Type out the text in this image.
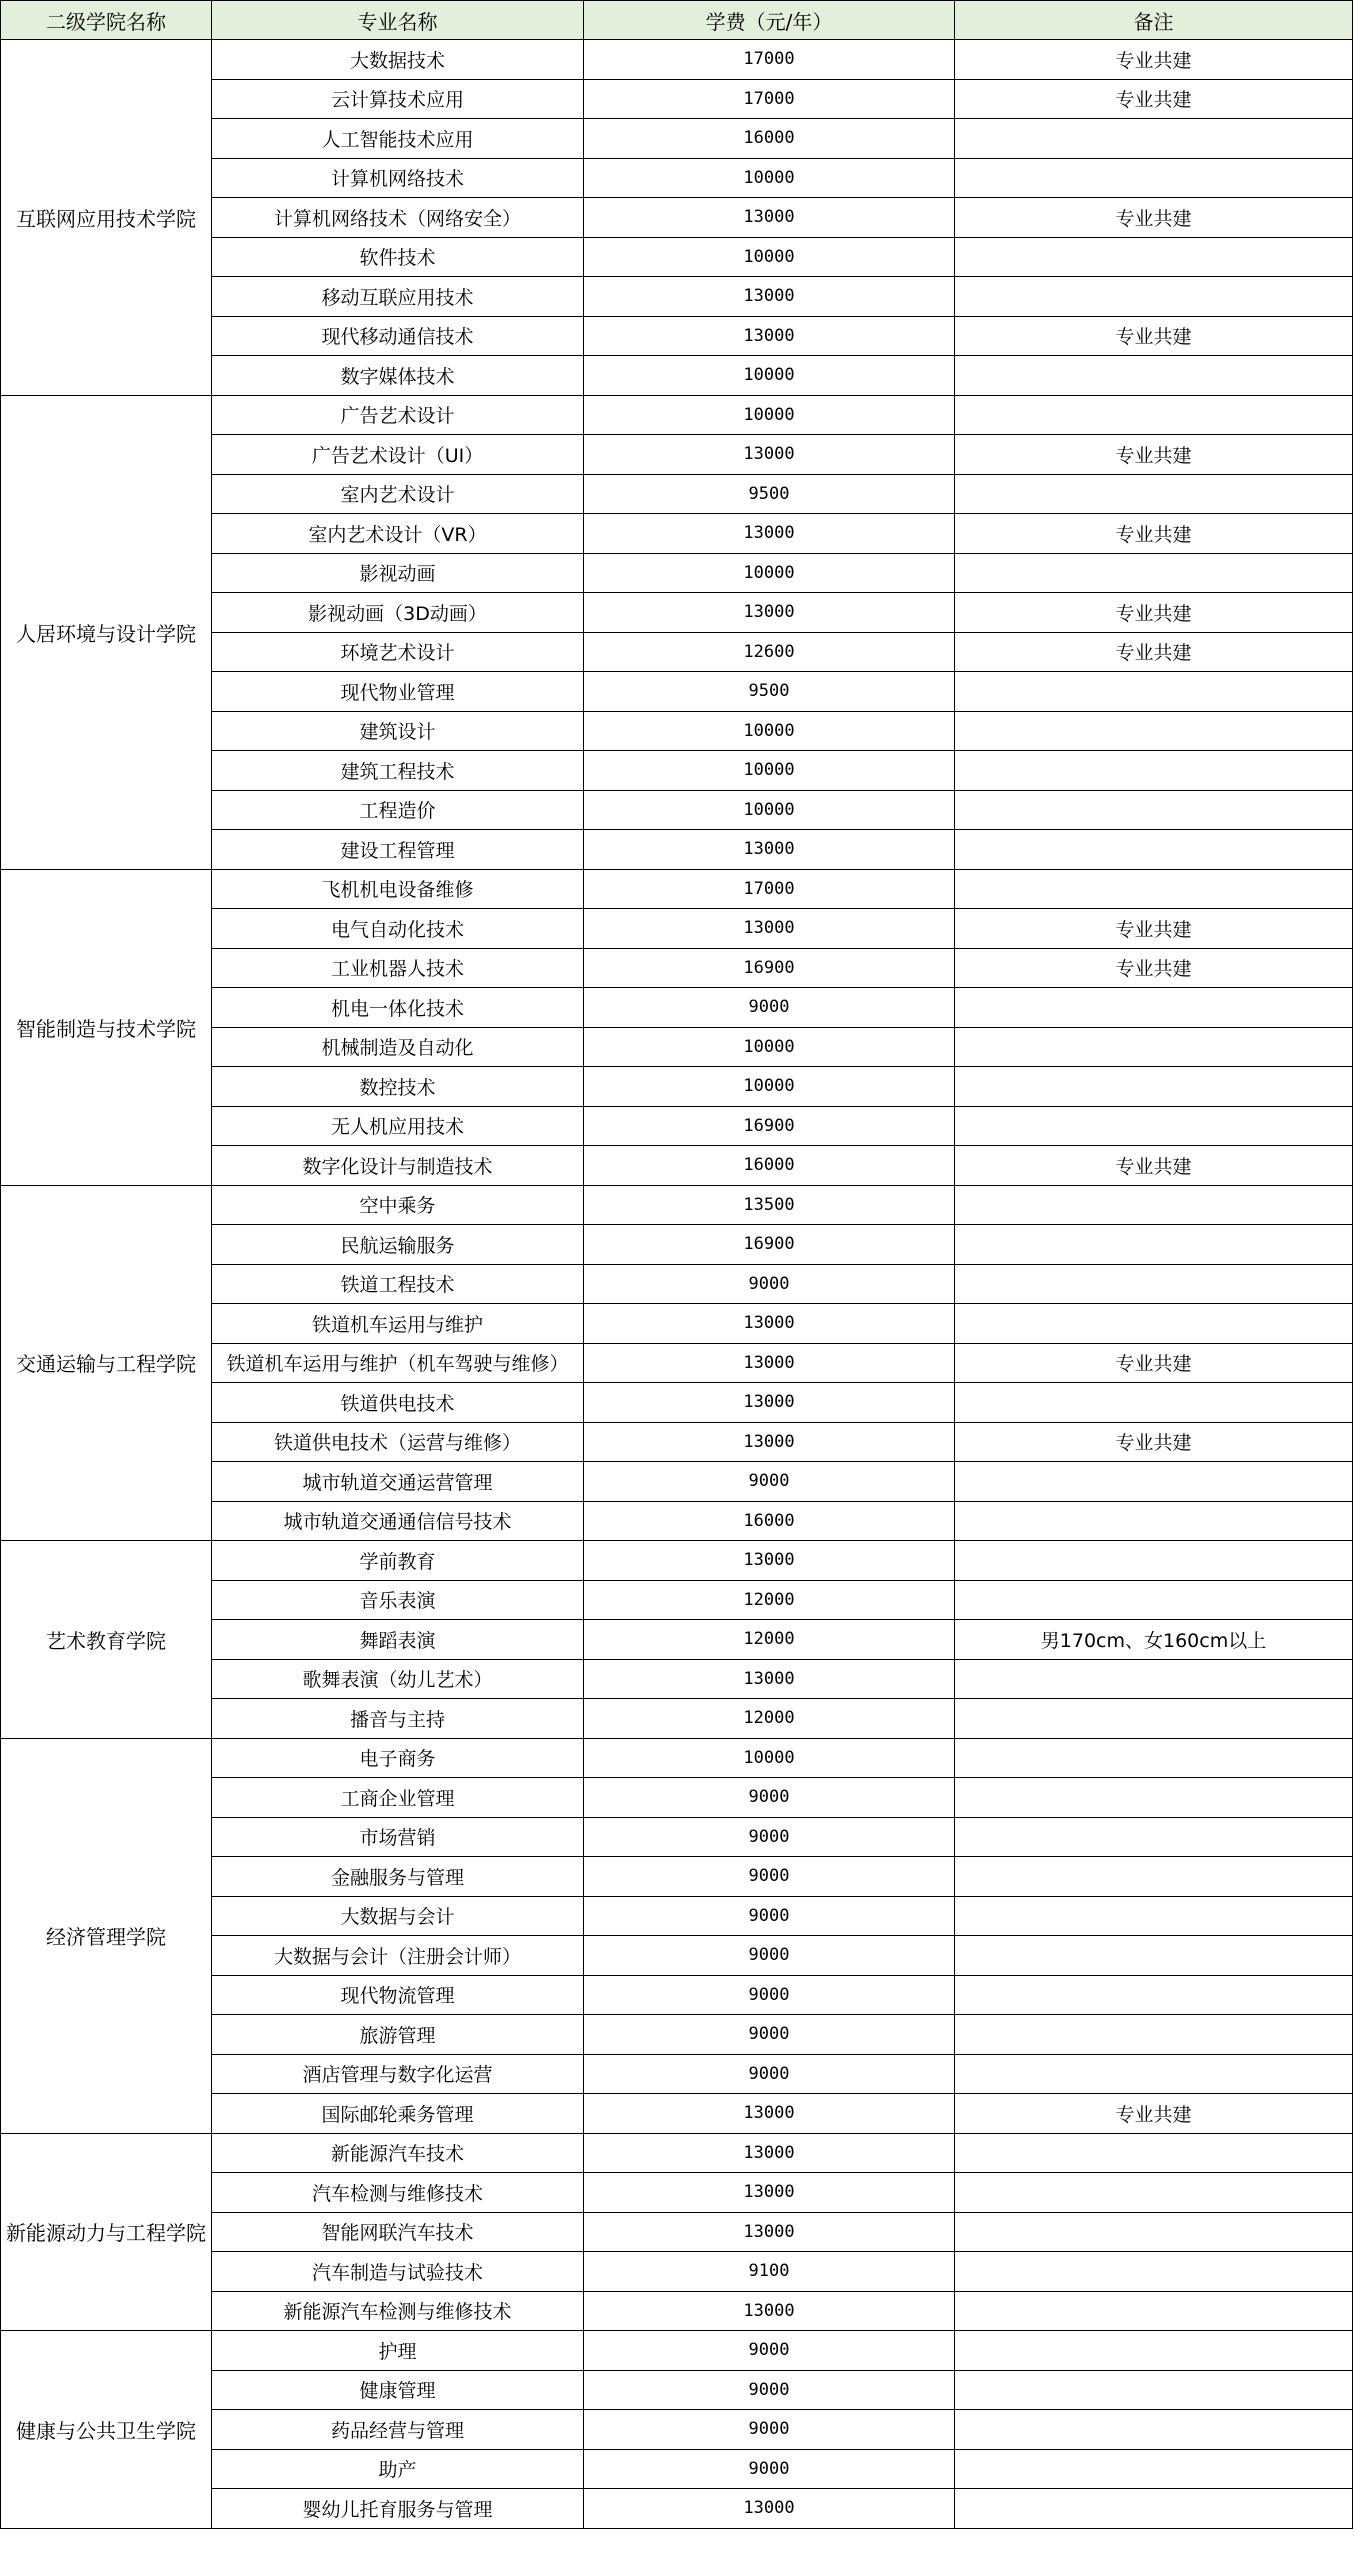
二级学院名称	专业名称	学费（元/年）	备注
互联网应用技术学院	大数据技术	17000	专业共建
	云计算技术应用	17000	专业共建
	人工智能技术应用	16000	
	计算机网络技术	10000	
	计算机网络技术（网络安全）	13000	专业共建
	软件技术	10000	
	移动互联应用技术	13000	
	现代移动通信技术	13000	专业共建
	数字媒体技术	10000	
人居环境与设计学院	广告艺术设计	10000	
	广告艺术设计（UI）	13000	专业共建
	室内艺术设计	9500	
	室内艺术设计（VR）	13000	专业共建
	影视动画	10000	
	影视动画（3D动画）	13000	专业共建
	环境艺术设计	12600	专业共建
	现代物业管理	9500	
	建筑设计	10000	
	建筑工程技术	10000	
	工程造价	10000	
	建设工程管理	13000	
智能制造与技术学院	飞机机电设备维修	17000	
	电气自动化技术	13000	专业共建
	工业机器人技术	16900	专业共建
	机电一体化技术	9000	
	机械制造及自动化	10000	
	数控技术	10000	
	无人机应用技术	16900	
	数字化设计与制造技术	16000	专业共建
交通运输与工程学院	空中乘务	13500	
	民航运输服务	16900	
	铁道工程技术	9000	
	铁道机车运用与维护	13000	
	铁道机车运用与维护（机车驾驶与维修）	13000	专业共建
	铁道供电技术	13000	
	铁道供电技术（运营与维修）	13000	专业共建
	城市轨道交通运营管理	9000	
	城市轨道交通通信信号技术	16000	
艺术教育学院	学前教育	13000	
	音乐表演	12000	
	舞蹈表演	12000	男170cm、女160cm以上
	歌舞表演（幼儿艺术）	13000	
	播音与主持	12000	
经济管理学院	电子商务	10000	
	工商企业管理	9000	
	市场营销	9000	
	金融服务与管理	9000	
	大数据与会计	9000	
	大数据与会计（注册会计师）	9000	
	现代物流管理	9000	
	旅游管理	9000	
	酒店管理与数字化运营	9000	
	国际邮轮乘务管理	13000	专业共建
新能源动力与工程学院	新能源汽车技术	13000	
	汽车检测与维修技术	13000	
	智能网联汽车技术	13000	
	汽车制造与试验技术	9100	
	新能源汽车检测与维修技术	13000	
健康与公共卫生学院	护理	9000	
	健康管理	9000	
	药品经营与管理	9000	
	助产	9000	
	婴幼儿托育服务与管理	13000	
